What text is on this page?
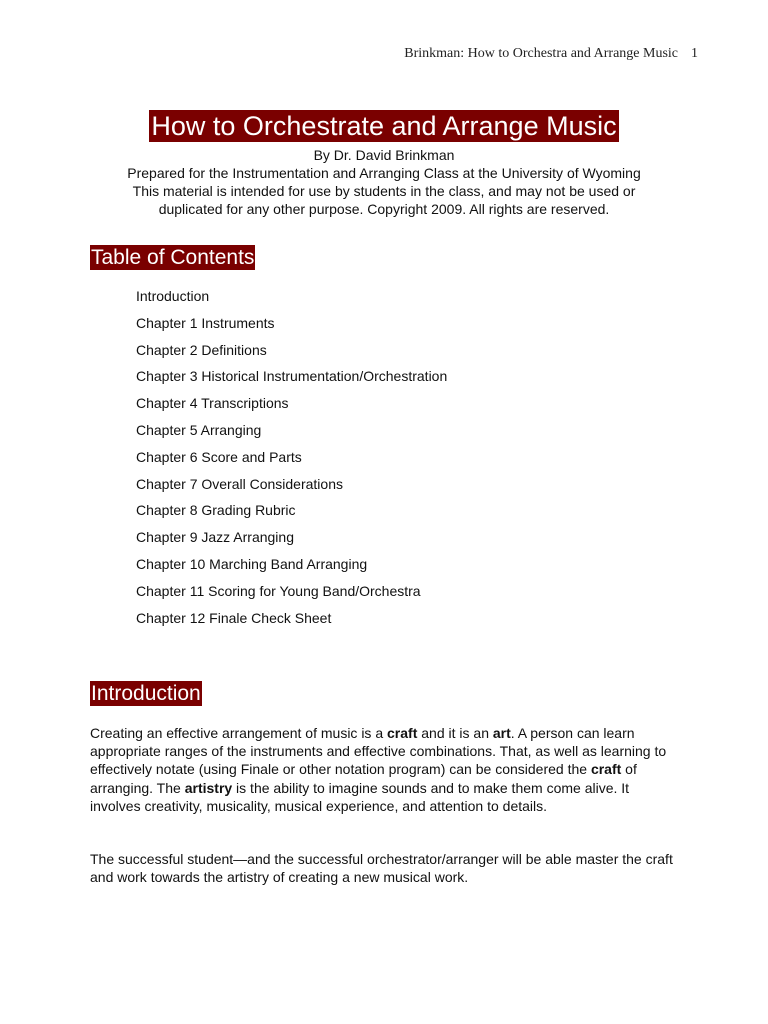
Brinkman: How to Orchestra and Arrange Music 1
How to Orchestrate and Arrange Music
By Dr. David Brinkman
Prepared for the Instrumentation and Arranging Class at the University of Wyoming
This material is intended for use by students in the class, and may not be used or
duplicated for any other purpose. Copyright 2009. All rights are reserved.
Table of Contents
Introduction
Chapter 1 Instruments
Chapter 2 Definitions
Chapter 3 Historical Instrumentation/Orchestration
Chapter 4 Transcriptions
Chapter 5 Arranging
Chapter 6 Score and Parts
Chapter 7 Overall Considerations
Chapter 8 Grading Rubric
Chapter 9 Jazz Arranging
Chapter 10 Marching Band Arranging
Chapter 11 Scoring for Young Band/Orchestra
Chapter 12 Finale Check Sheet
Introduction

Creating an effective arrangement of music is a craft and it is an art. A person can learn appropriate ranges of the instruments and effective combinations. That, as well as learning to effectively notate (using Finale or other notation program) can be considered the craft of arranging. The artistry is the ability to imagine sounds and to make them come alive. It involves creativity, musicality, musical experience, and attention to details.

The successful student—and the successful orchestrator/arranger will be able master the craft and work towards the artistry of creating a new musical work.
